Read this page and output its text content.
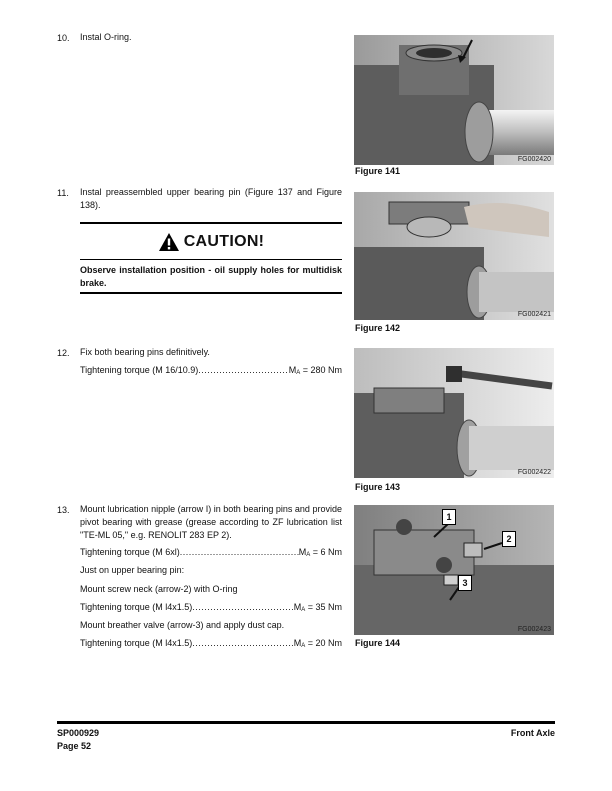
10. Instal O-ring.
11. Instal preassembled upper bearing pin (Figure 137 and Figure 138).
CAUTION!
Observe installation position - oil supply holes for multidisk brake.
12. Fix both bearing pins definitively.
Tightening torque (M 16/10.9) .....	$M_A = 280$ Nm
13. Mount lubrication nipple (arrow I) in both bearing pins and provide pivot bearing with grease (grease according to ZF lubrication list "TE-ML 05," e.g. RENOLIT 283 EP 2).
Tightening torque (M 6xl) .....	$M_A = 6$ Nm
Just on upper bearing pin:
Mount screw neck (arrow-2) with O-ring
Tightening torque (M l4x1.5) .....	$M_A = 35$ Nm
Mount breather valve (arrow-3) and apply dust cap.
Tightening torque (M l4x1.5) .....	$M_A = 20$ Nm
FG002420
Figure 141
FG002421
Figure 142
FG002422
Figure 143
1
2
3
FG002423
Figure 144
SP000929
Page 52
Front Axle
